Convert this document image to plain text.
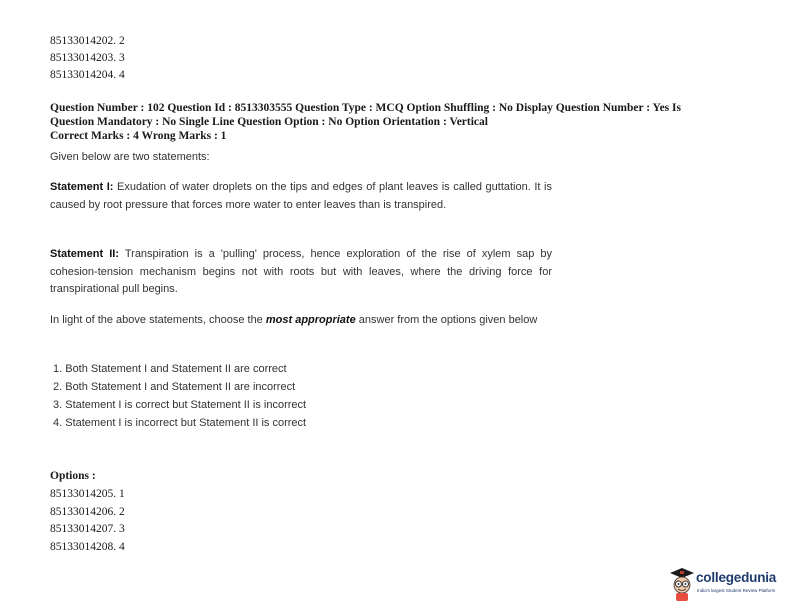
85133014202. 2
85133014203. 3
85133014204. 4
Question Number : 102 Question Id : 8513303555 Question Type : MCQ Option Shuffling : No Display Question Number : Yes Is
Question Mandatory : No Single Line Question Option : No Option Orientation : Vertical
Correct Marks : 4 Wrong Marks : 1
Given below are two statements:
Statement I: Exudation of water droplets on the tips and edges of plant leaves is called guttation. It is caused by root pressure that forces more water to enter leaves than is transpired.
Statement II: Transpiration is a 'pulling' process, hence exploration of the rise of xylem sap by cohesion-tension mechanism begins not with roots but with leaves, where the driving force for transpirational pull begins.
In light of the above statements, choose the most appropriate answer from the options given below
1. Both Statement I and Statement II are correct
2. Both Statement I and Statement II are incorrect
3. Statement I is correct but Statement II is incorrect
4. Statement I is incorrect but Statement II is correct
Options :
85133014205. 1
85133014206. 2
85133014207. 3
85133014208. 4
collegedunia
India's largest Student Review Platform
